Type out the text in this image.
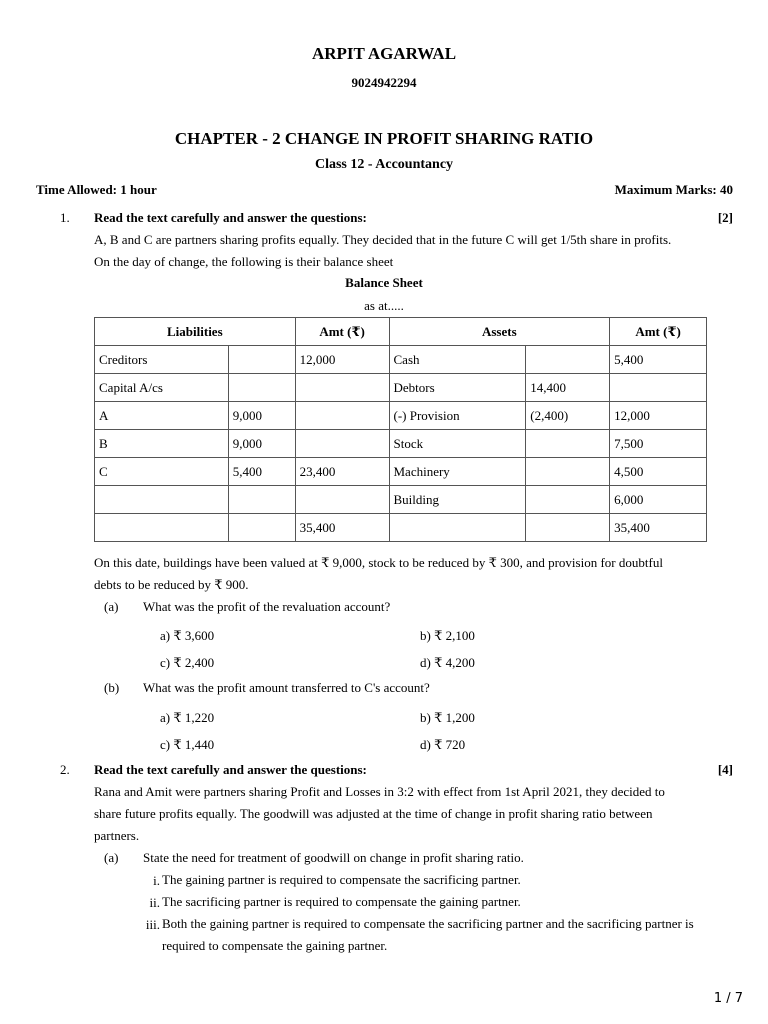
ARPIT AGARWAL
9024942294
CHAPTER - 2 CHANGE IN PROFIT SHARING RATIO
Class 12 - Accountancy
Time Allowed: 1 hour	Maximum Marks: 40
1. Read the text carefully and answer the questions:	[2]
A, B and C are partners sharing profits equally. They decided that in the future C will get 1/5th share in profits.
On the day of change, the following is their balance sheet
Balance Sheet
as at.....
Liabilities		Amt (₹)	Assets		Amt (₹)
Creditors		12,000	Cash		5,400
Capital A/cs			Debtors	14,400	
A	9,000		(-) Provision	(2,400)	12,000
B	9,000		Stock		7,500
C	5,400	23,400	Machinery		4,500
			Building		6,000
		35,400			35,400
On this date, buildings have been valued at ₹ 9,000, stock to be reduced by ₹ 300, and provision for doubtful
debts to be reduced by ₹ 900.
(a) What was the profit of the revaluation account?
a) ₹ 3,600	b) ₹ 2,100
c) ₹ 2,400	d) ₹ 4,200
(b) What was the profit amount transferred to C's account?
a) ₹ 1,220	b) ₹ 1,200
c) ₹ 1,440	d) ₹ 720
2. Read the text carefully and answer the questions:	[4]
Rana and Amit were partners sharing Profit and Losses in 3:2 with effect from 1st April 2021, they decided to
share future profits equally. The goodwill was adjusted at the time of change in profit sharing ratio between
partners.
(a) State the need for treatment of goodwill on change in profit sharing ratio.
i. The gaining partner is required to compensate the sacrificing partner.
ii. The sacrificing partner is required to compensate the gaining partner.
iii. Both the gaining partner is required to compensate the sacrificing partner and the sacrificing partner is
required to compensate the gaining partner.
1 / 7
